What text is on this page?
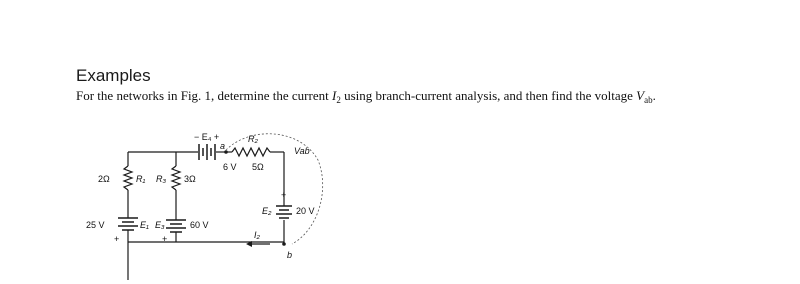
Examples

For the networks in Fig. 1, determine the current $I_2$ using branch-current analysis, and then find the voltage $V_{ab}$.

− E₄ +
a
R₂
Vab
6 V 5Ω
2Ω	R₁ R₃ 3Ω
+
E₂	20 V
25 V	E₁ E₃	60 V
+	+	I₂
b
